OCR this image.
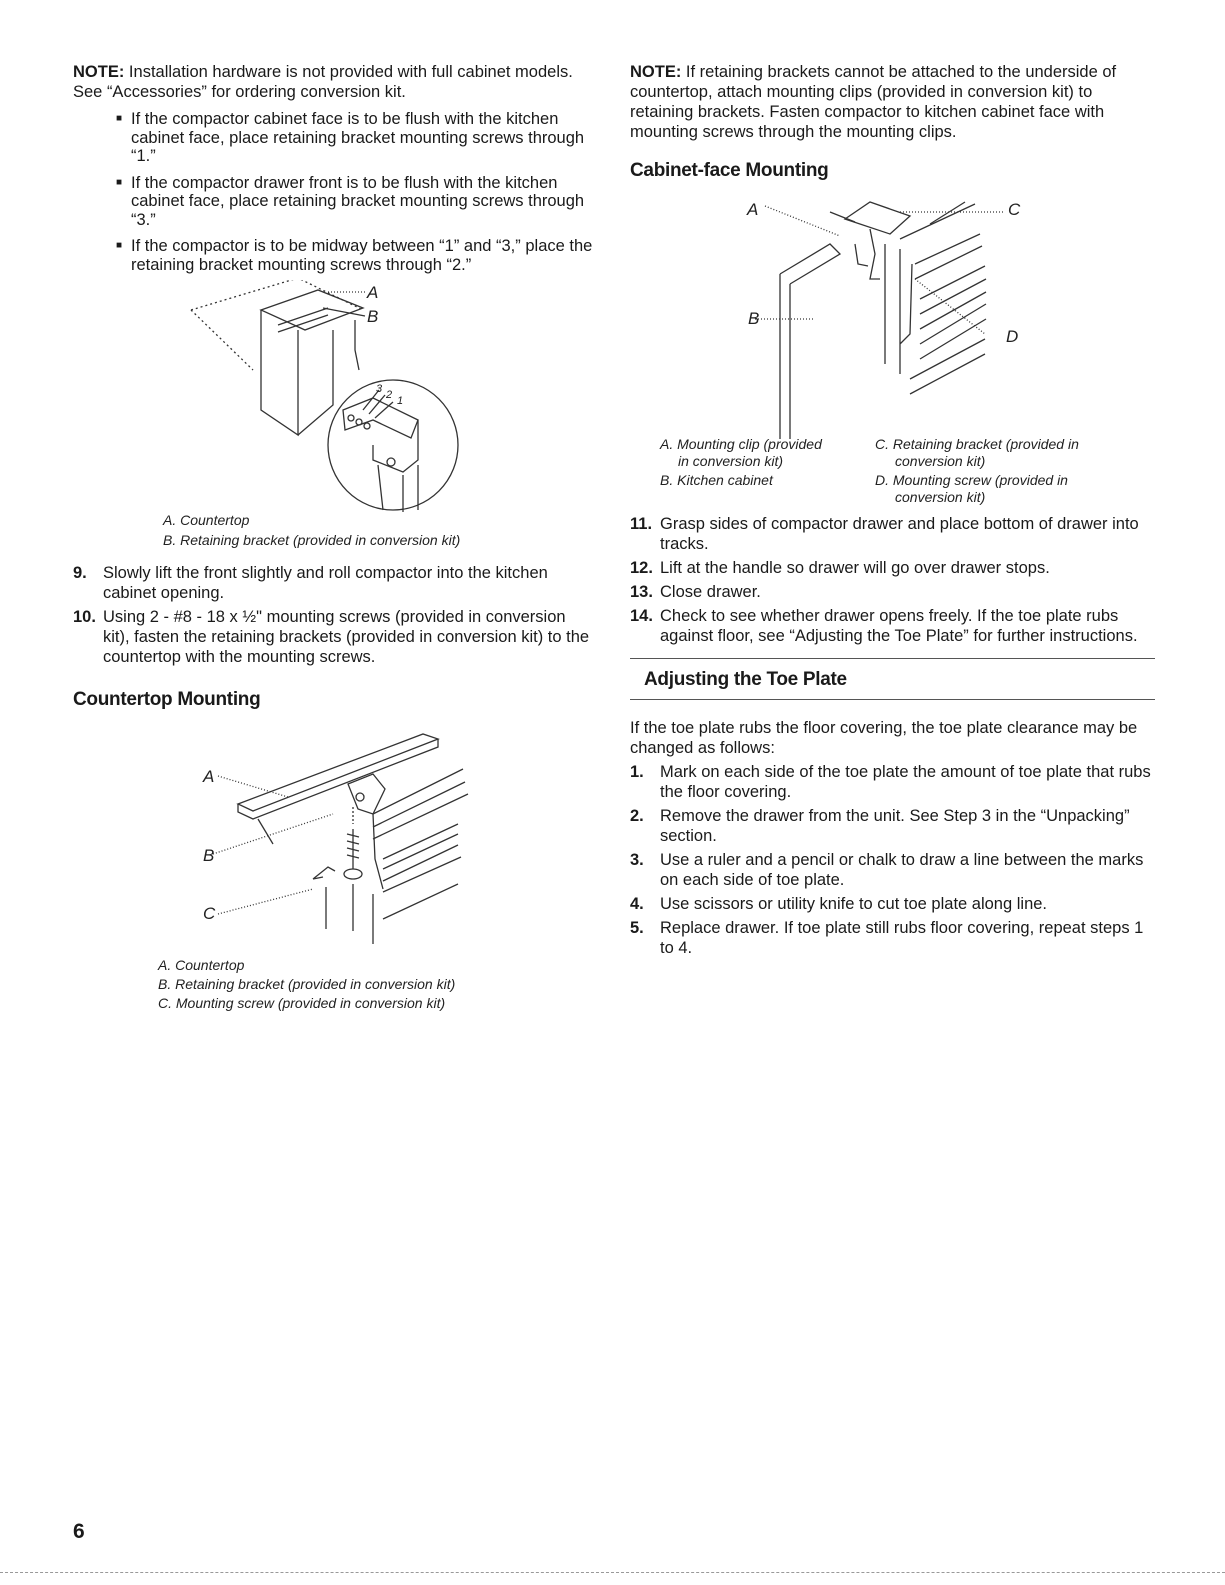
NOTE: Installation hardware is not provided with full cabinet models. See “Accessories” for ordering conversion kit.

■ If the compactor cabinet face is to be flush with the kitchen cabinet face, place retaining bracket mounting screws through “1.”
■ If the compactor drawer front is to be flush with the kitchen cabinet face, place retaining bracket mounting screws through “3.”
■ If the compactor is to be midway between “1” and “3,” place the retaining bracket mounting screws through “2.”
A
B
3 2 1
A. Countertop
B. Retaining bracket (provided in conversion kit)
9. Slowly lift the front slightly and roll compactor into the kitchen cabinet opening.
10. Using 2 - #8 - 18 x ½" mounting screws (provided in conversion kit), fasten the retaining brackets (provided in conversion kit) to the countertop with the mounting screws.
Countertop Mounting
A
B
C
A. Countertop
B. Retaining bracket (provided in conversion kit)
C. Mounting screw (provided in conversion kit)

NOTE: If retaining brackets cannot be attached to the underside of countertop, attach mounting clips (provided in conversion kit) to retaining brackets. Fasten compactor to kitchen cabinet face with mounting screws through the mounting clips.

Cabinet-face Mounting
A	C
B
D
A. Mounting clip (provided
in conversion kit)
B. Kitchen cabinet
C. Retaining bracket (provided in
conversion kit)
D. Mounting screw (provided in
conversion kit)
11. Grasp sides of compactor drawer and place bottom of drawer into tracks.
12. Lift at the handle so drawer will go over drawer stops.
13. Close drawer.
14. Check to see whether drawer opens freely. If the toe plate rubs against floor, see “Adjusting the Toe Plate” for further instructions.
Adjusting the Toe Plate

If the toe plate rubs the floor covering, the toe plate clearance may be changed as follows:

1. Mark on each side of the toe plate the amount of toe plate that rubs the floor covering.
2. Remove the drawer from the unit. See Step 3 in the “Unpacking” section.
3. Use a ruler and a pencil or chalk to draw a line between the marks on each side of toe plate.
4. Use scissors or utility knife to cut toe plate along line.
5. Replace drawer. If toe plate still rubs floor covering, repeat steps 1 to 4.
6
